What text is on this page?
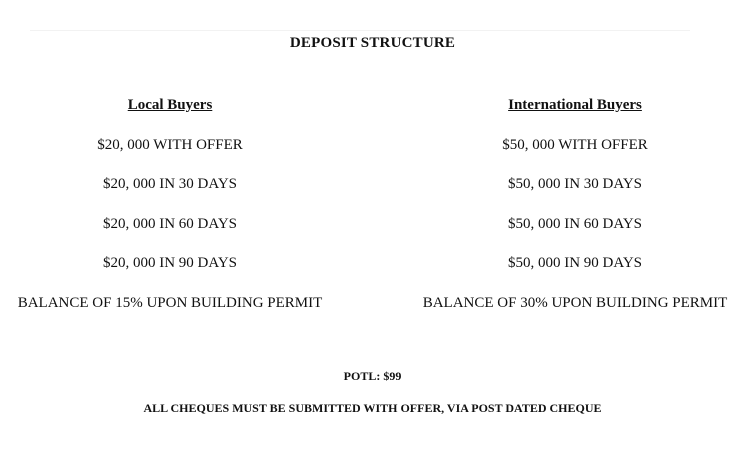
DEPOSIT STRUCTURE
Local Buyers
$20, 000 WITH OFFER
$20, 000 IN 30 DAYS
$20, 000 IN 60 DAYS
$20, 000 IN 90 DAYS
BALANCE OF 15% UPON BUILDING PERMIT
International Buyers
$50, 000 WITH OFFER
$50, 000 IN 30 DAYS
$50, 000 IN 60 DAYS
$50, 000 IN 90 DAYS
BALANCE OF 30% UPON BUILDING PERMIT
POTL: $99
ALL CHEQUES MUST BE SUBMITTED WITH OFFER, VIA POST DATED CHEQUE
